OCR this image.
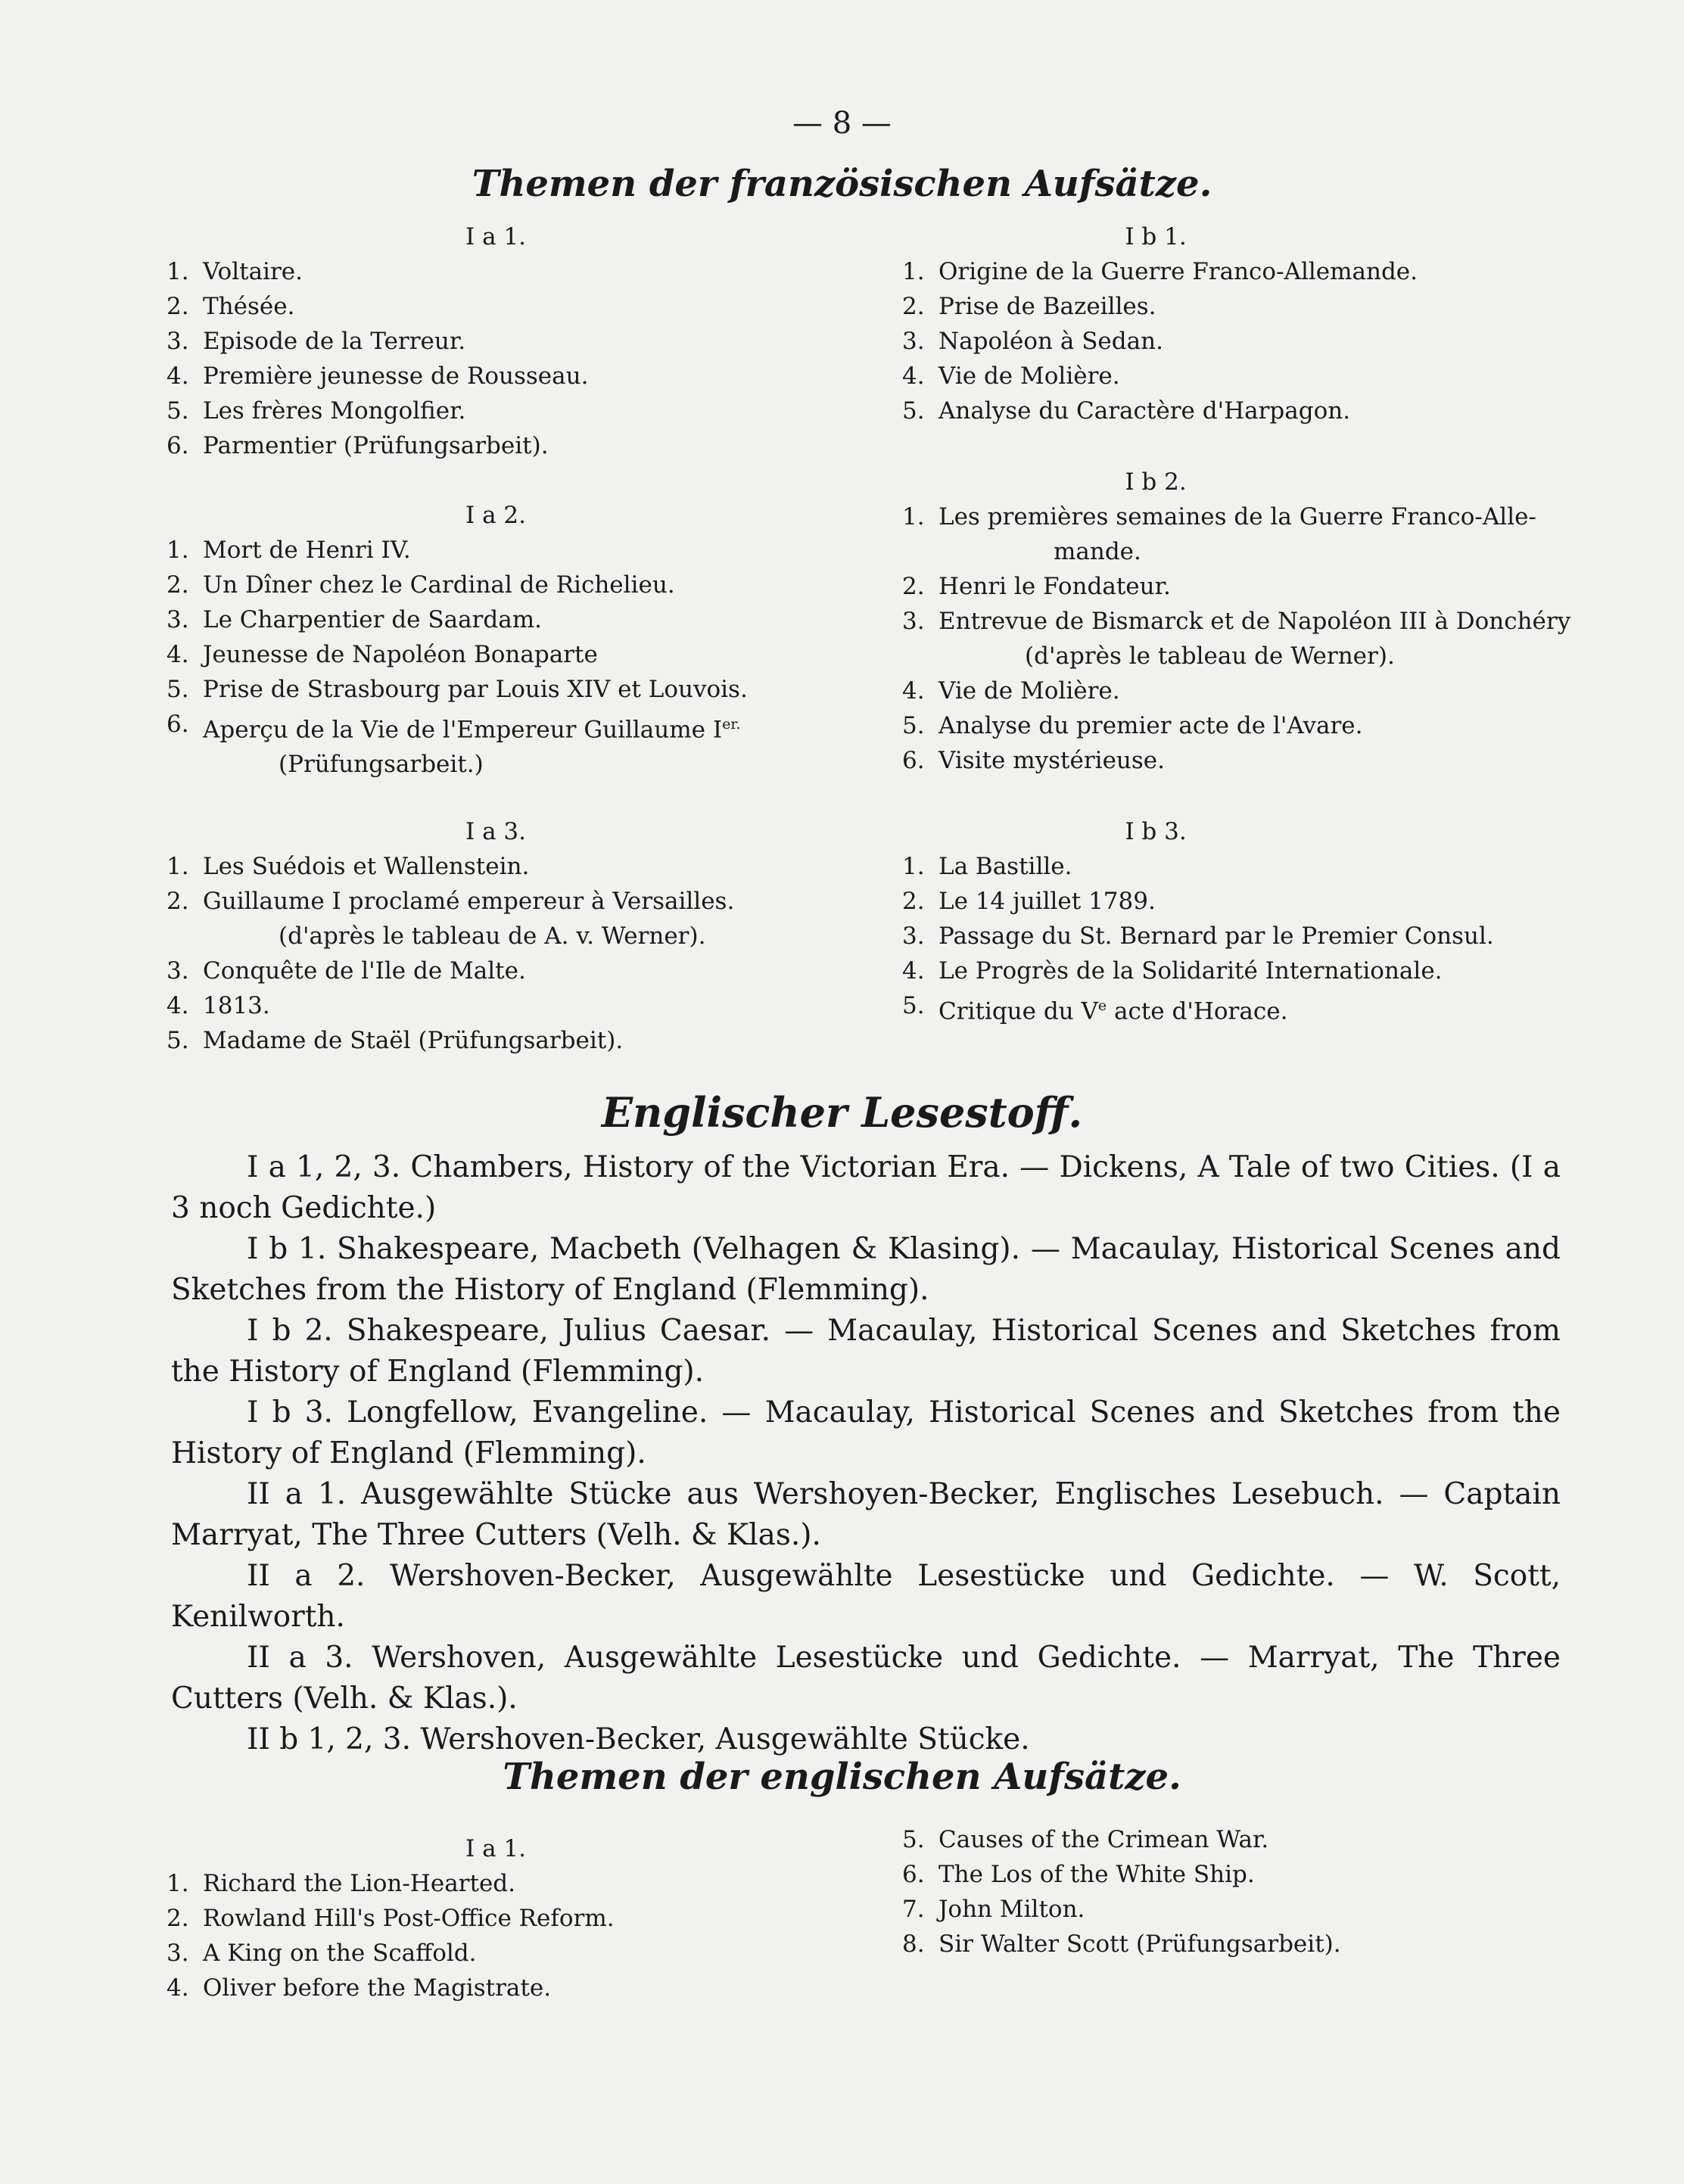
— 8 —
Themen der französischen Aufsätze.
I a 1.
1. Voltaire.
2. Thésée.
3. Episode de la Terreur.
4. Première jeunesse de Rousseau.
5. Les frères Mongolfier.
6. Parmentier (Prüfungsarbeit).
I a 2.
1. Mort de Henri IV.
2. Un Dîner chez le Cardinal de Richelieu.
3. Le Charpentier de Saardam.
4. Jeunesse de Napoléon Bonaparte
5. Prise de Strasbourg par Louis XIV et Louvois.
6. Aperçu de la Vie de l'Empereur Guillaume $I^{er.}$
(Prüfungsarbeit.)
I a 3.
1. Les Suédois et Wallenstein.
2. Guillaume I proclamé empereur à Versailles.
(d'après le tableau de A. v. Werner).
3. Conquête de l'Ile de Malte.
4. 1813.
5. Madame de Staël (Prüfungsarbeit).
I b 1.
1. Origine de la Guerre Franco-Allemande.
2. Prise de Bazeilles.
3. Napoléon à Sedan.
4. Vie de Molière.
5. Analyse du Caractère d'Harpagon.
I b 2.
1. Les premières semaines de la Guerre Franco-Alle-
mande.
2. Henri le Fondateur.
3. Entrevue de Bismarck et de Napoléon III à Donchéry
(d'après le tableau de Werner).
4. Vie de Molière.
5. Analyse du premier acte de l'Avare.
6. Visite mystérieuse.
I b 3.
1. La Bastille.
2. Le 14 juillet 1789.
3. Passage du St. Bernard par le Premier Consul.
4. Le Progrès de la Solidarité Internationale.
5. Critique du Ve acte d'Horace.
Englischer Lesestoff.

I a 1, 2, 3. Chambers, History of the Victorian Era. — Dickens, A Tale of two Cities. (I a 3 noch Gedichte.)

I b 1. Shakespeare, Macbeth (Velhagen & Klasing). — Macaulay, Historical Scenes and Sketches from the History of England (Flemming).

I b 2. Shakespeare, Julius Caesar. — Macaulay, Historical Scenes and Sketches from the History of England (Flemming).

I b 3. Longfellow, Evangeline. — Macaulay, Historical Scenes and Sketches from the History of England (Flemming).

II a 1. Ausgewählte Stücke aus Wershoyen-Becker, Englisches Lesebuch. — Captain Marryat, The Three Cutters (Velh. & Klas.).

II a 2. Wershoven-Becker, Ausgewählte Lesestücke und Gedichte. — W. Scott, Kenilworth.

II a 3. Wershoven, Ausgewählte Lesestücke und Gedichte. — Marryat, The Three Cutters (Velh. & Klas.).

II b 1, 2, 3. Wershoven-Becker, Ausgewählte Stücke.

Themen der englischen Aufsätze.
I a 1.
1. Richard the Lion-Hearted.
2. Rowland Hill's Post-Office Reform.
3. A King on the Scaffold.
4. Oliver before the Magistrate.
5. Causes of the Crimean War.
6. The Los of the White Ship.
7. John Milton.
8. Sir Walter Scott (Prüfungsarbeit).
